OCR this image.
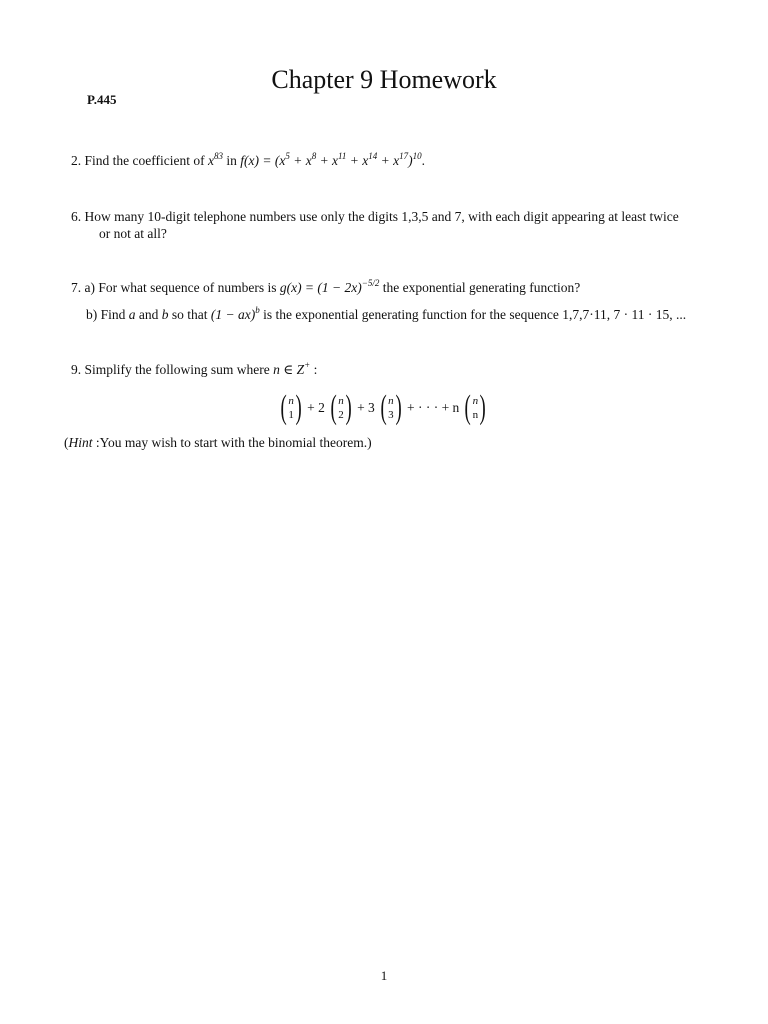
Chapter 9 Homework
P.445
2. Find the coefficient of $x^{83}$ in $f(x) = (x^5 + x^8 + x^{11} + x^{14} + x^{17})^{10}$.
6. How many 10-digit telephone numbers use only the digits 1,3,5 and 7, with each digit appearing at least twice
or not at all?
7. a) For what sequence of numbers is $g(x) = (1 - 2x)^{-5/2}$ the exponential generating function?
b) Find a and b so that (1 − ax)$^b$ is the exponential generating function for the sequence 1,7,7·11, 7 · 11 · 15, ...
9. Simplify the following sum where n ∈ Z+ :
( n
1 ) + 2 ( n
2 ) + 3 ( n
3 ) + · · · + n ( n
n )
(Hint :You may wish to start with the binomial theorem.)
1
